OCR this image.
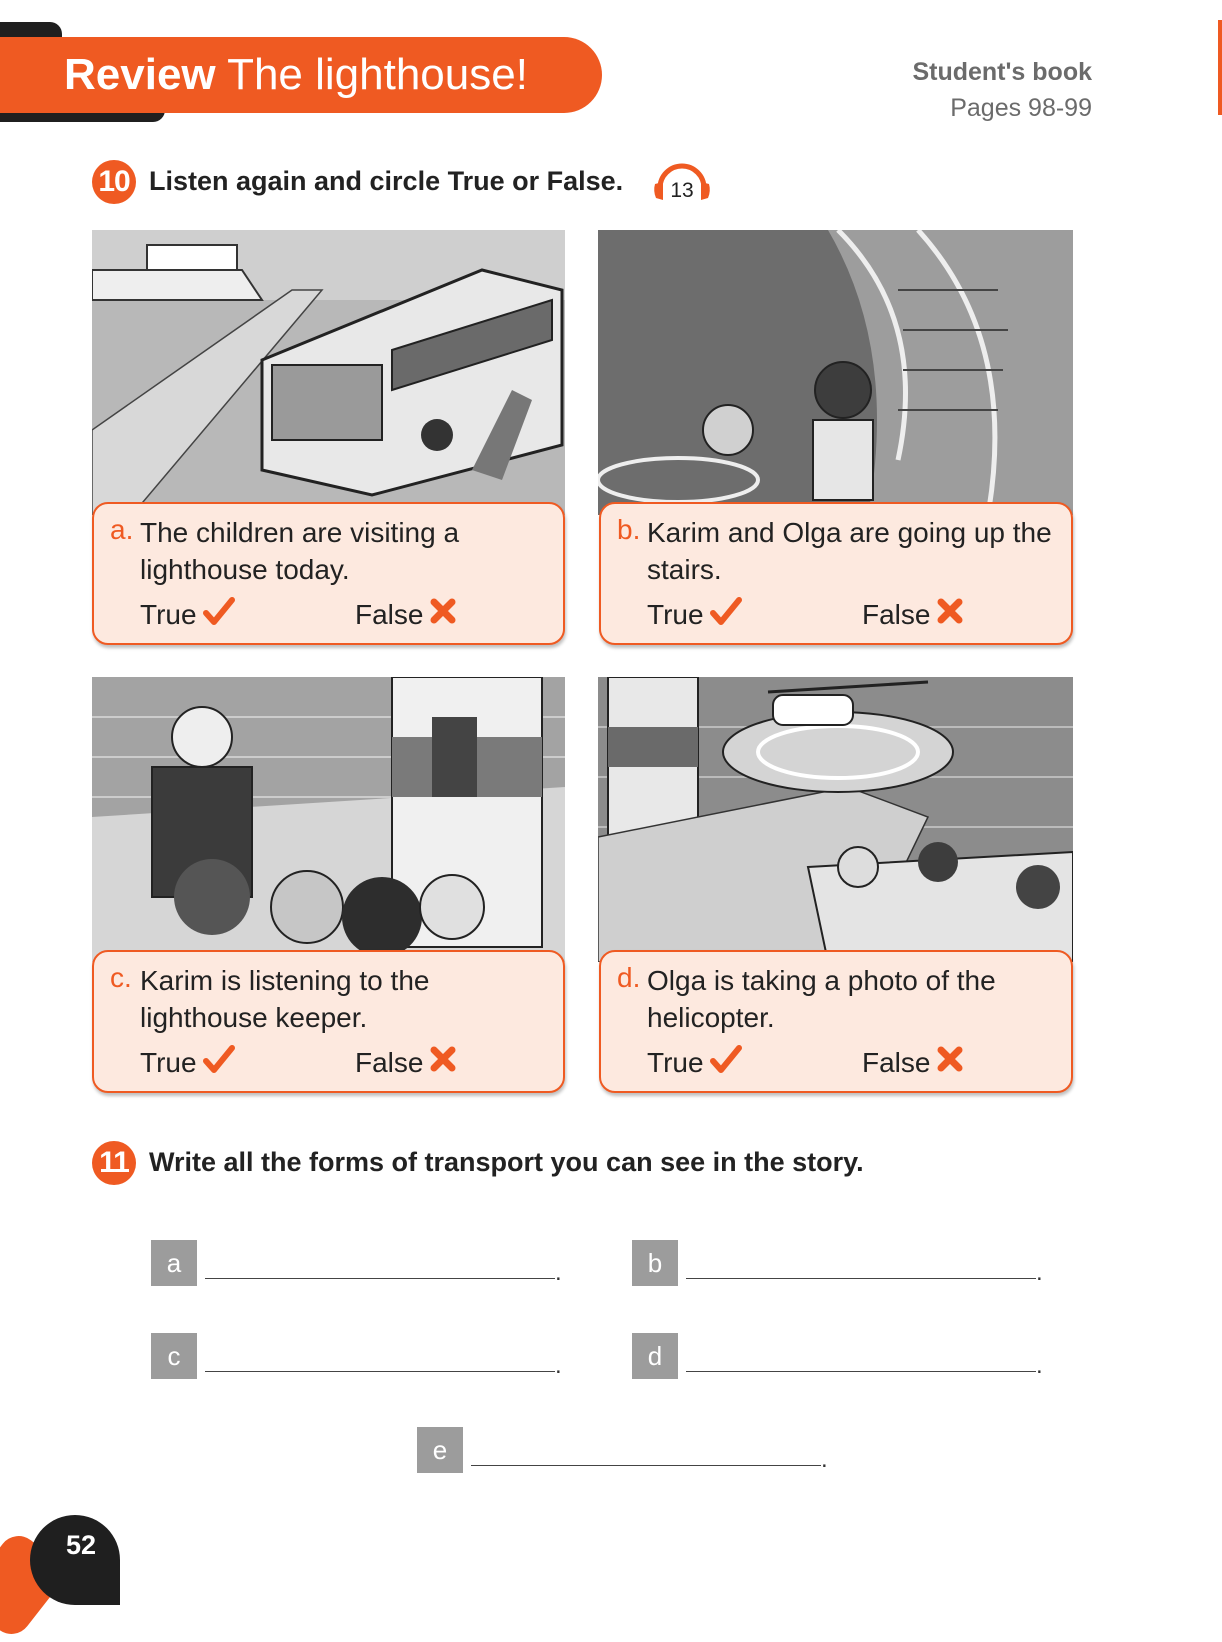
Review The lighthouse!	Student's book
Pages 98-99
10 Listen again and circle True or False. 13
a. The children are visiting a lighthouse today.
True	False
b. Karim and Olga are going up the stairs.
True	False
c. Karim is listening to the lighthouse keeper.
True	False
d. Olga is taking a photo of the helicopter.
True	False
11 Write all the forms of transport you can see in the story.
a	.	b	.
c	.	d	.
e	.
52
